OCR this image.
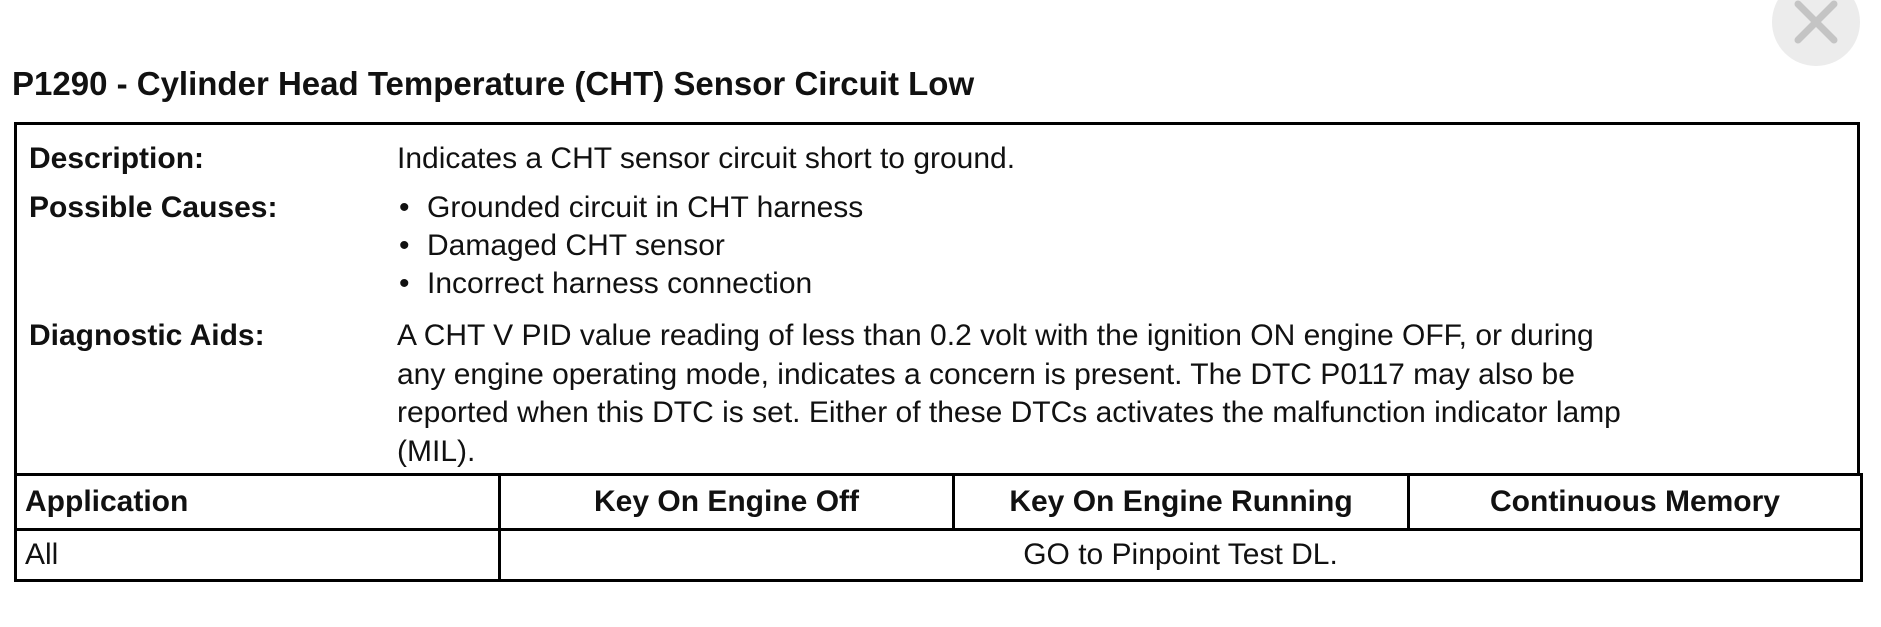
P1290 - Cylinder Head Temperature (CHT) Sensor Circuit Low
Description:	Indicates a CHT sensor circuit short to ground.
Possible Causes:	• Grounded circuit in CHT harness
• Damaged CHT sensor
• Incorrect harness connection
Diagnostic Aids:	A CHT V PID value reading of less than 0.2 volt with the ignition ON engine OFF, or during
any engine operating mode, indicates a concern is present. The DTC P0117 may also be
reported when this DTC is set. Either of these DTCs activates the malfunction indicator lamp
(MIL).
Application	Key On Engine Off	Key On Engine Running	Continuous Memory
All	GO to Pinpoint Test DL.		
